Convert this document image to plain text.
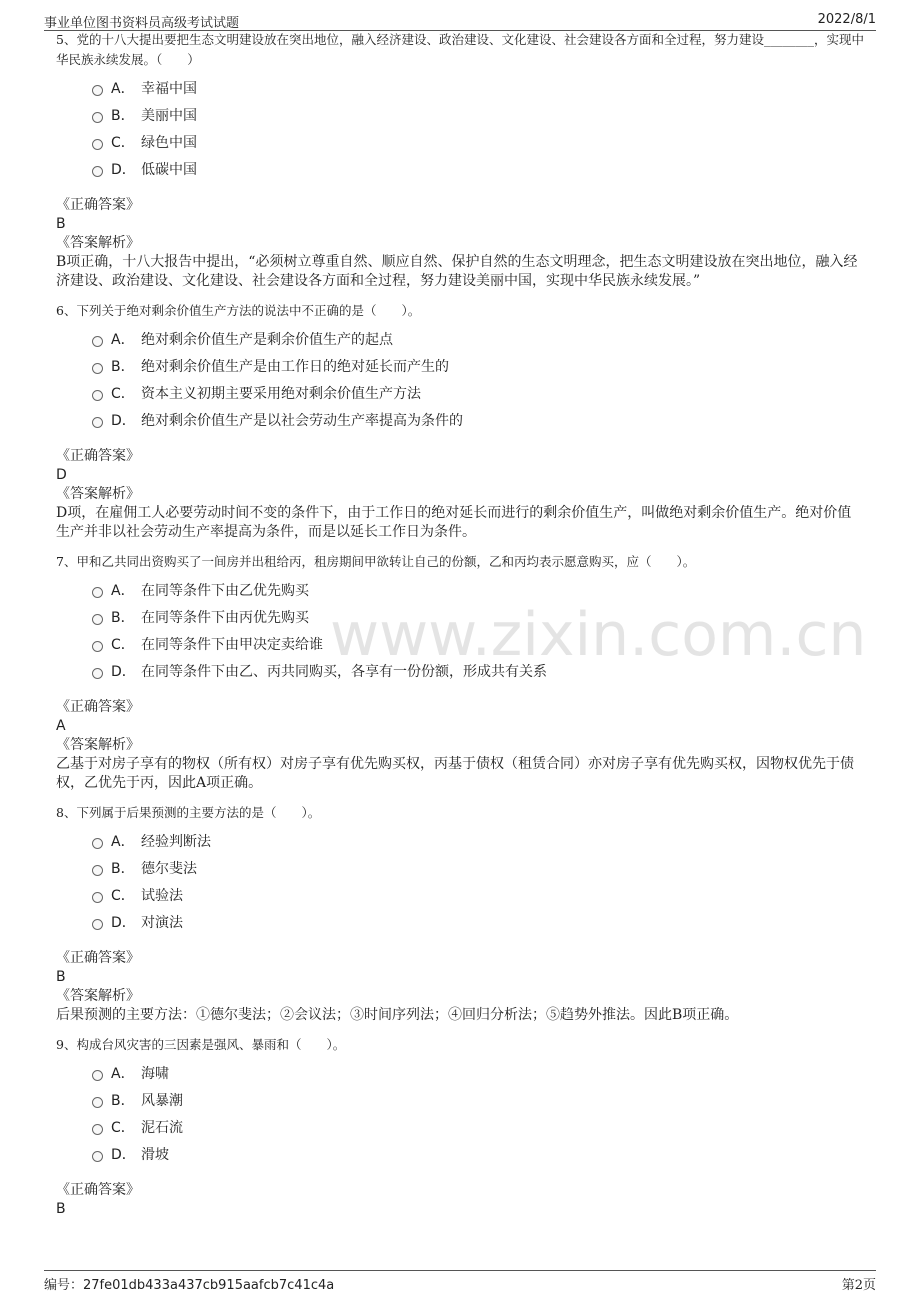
事业单位图书资料员高级考试试题	2022/8/1
www.zixin.com.cn

5、党的十八大提出要把生态文明建设放在突出地位，融入经济建设、政治建设、文化建设、社会建设各方面和全过程，努力建设________，实现中华民族永续发展。（　　）

A． 幸福中国
B． 美丽中国
C． 绿色中国
D． 低碳中国
《正确答案》
B
《答案解析》

B项正确，十八大报告中提出，“必须树立尊重自然、顺应自然、保护自然的生态文明理念，把生态文明建设放在突出地位，融入经济建设、政治建设、文化建设、社会建设各方面和全过程，努力建设美丽中国，实现中华民族永续发展。”

6、下列关于绝对剩余价值生产方法的说法中不正确的是（　　）。

A． 绝对剩余价值生产是剩余价值生产的起点
B． 绝对剩余价值生产是由工作日的绝对延长而产生的
C． 资本主义初期主要采用绝对剩余价值生产方法
D． 绝对剩余价值生产是以社会劳动生产率提高为条件的
《正确答案》
D
《答案解析》

D项，在雇佣工人必要劳动时间不变的条件下，由于工作日的绝对延长而进行的剩余价值生产，叫做绝对剩余价值生产。绝对价值生产并非以社会劳动生产率提高为条件，而是以延长工作日为条件。

7、甲和乙共同出资购买了一间房并出租给丙，租房期间甲欲转让自己的份额，乙和丙均表示愿意购买，应（　　）。

A． 在同等条件下由乙优先购买
B． 在同等条件下由丙优先购买
C． 在同等条件下由甲决定卖给谁
D． 在同等条件下由乙、丙共同购买，各享有一份份额，形成共有关系
《正确答案》
A
《答案解析》

乙基于对房子享有的物权（所有权）对房子享有优先购买权，丙基于债权（租赁合同）亦对房子享有优先购买权，因物权优先于债权，乙优先于丙，因此A项正确。

8、下列属于后果预测的主要方法的是（　　）。

A． 经验判断法
B． 德尔斐法
C． 试验法
D． 对演法
《正确答案》
B
《答案解析》

后果预测的主要方法：①德尔斐法；②会议法；③时间序列法；④回归分析法；⑤趋势外推法。因此B项正确。

9、构成台风灾害的三因素是强风、暴雨和（　　）。

A． 海啸
B． 风暴潮
C． 泥石流
D． 滑坡
《正确答案》
B
编号：27fe01db433a437cb915aafcb7c41c4a	第2页
